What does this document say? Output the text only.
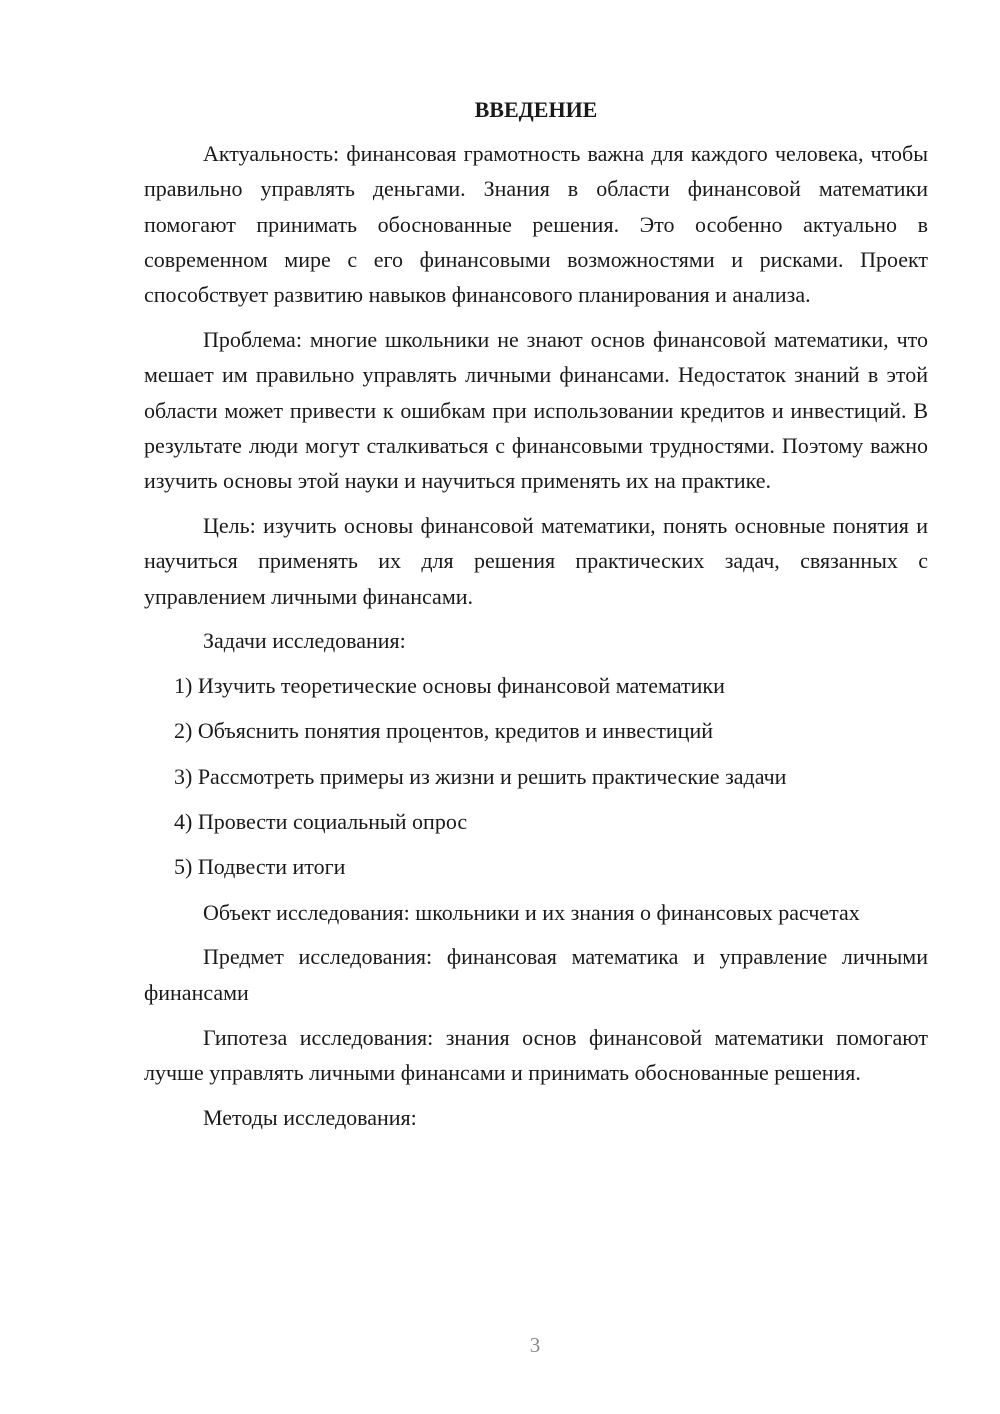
ВВЕДЕНИЕ

Актуальность: финансовая грамотность важна для каждого человека, чтобы правильно управлять деньгами. Знания в области финансовой математики помогают принимать обоснованные решения. Это особенно актуально в современном мире с его финансовыми возможностями и рисками. Проект способствует развитию навыков финансового планирования и анализа.

Проблема: многие школьники не знают основ финансовой математики, что мешает им правильно управлять личными финансами. Недостаток знаний в этой области может привести к ошибкам при использовании кредитов и инвестиций. В результате люди могут сталкиваться с финансовыми трудностями. Поэтому важно изучить основы этой науки и научиться применять их на практике.

Цель: изучить основы финансовой математики, понять основные понятия и научиться применять их для решения практических задач, связанных с управлением личными финансами.

Задачи исследования:

1) Изучить теоретические основы финансовой математики
2) Объяснить понятия процентов, кредитов и инвестиций
3) Рассмотреть примеры из жизни и решить практические задачи
4) Провести социальный опрос
5) Подвести итоги

Объект исследования: школьники и их знания о финансовых расчетах

Предмет исследования: финансовая математика и управление личными финансами

Гипотеза исследования: знания основ финансовой математики помогают лучше управлять личными финансами и принимать обоснованные решения.

Методы исследования:

3
